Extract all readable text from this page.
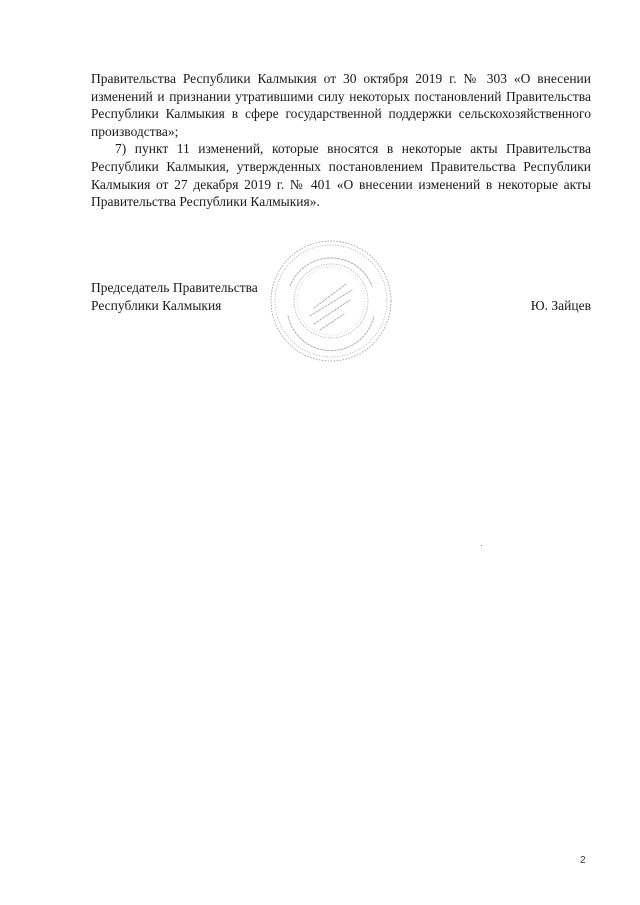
Правительства Республики Калмыкия от 30 октября 2019 г. № 303 «О внесении изменений и признании утратившими силу некоторых постановлений Правительства Республики Калмыкия в сфере государственной поддержки сельскохозяйственного производства»;

7) пункт 11 изменений, которые вносятся в некоторые акты Правительства Республики Калмыкия, утвержденных постановлением Правительства Республики Калмыкия от 27 декабря 2019 г. № 401 «О внесении изменений в некоторые акты Правительства Республики Калмыкия».

Председатель Правительства
Республики Калмыкия	Ю. Зайцев
2
